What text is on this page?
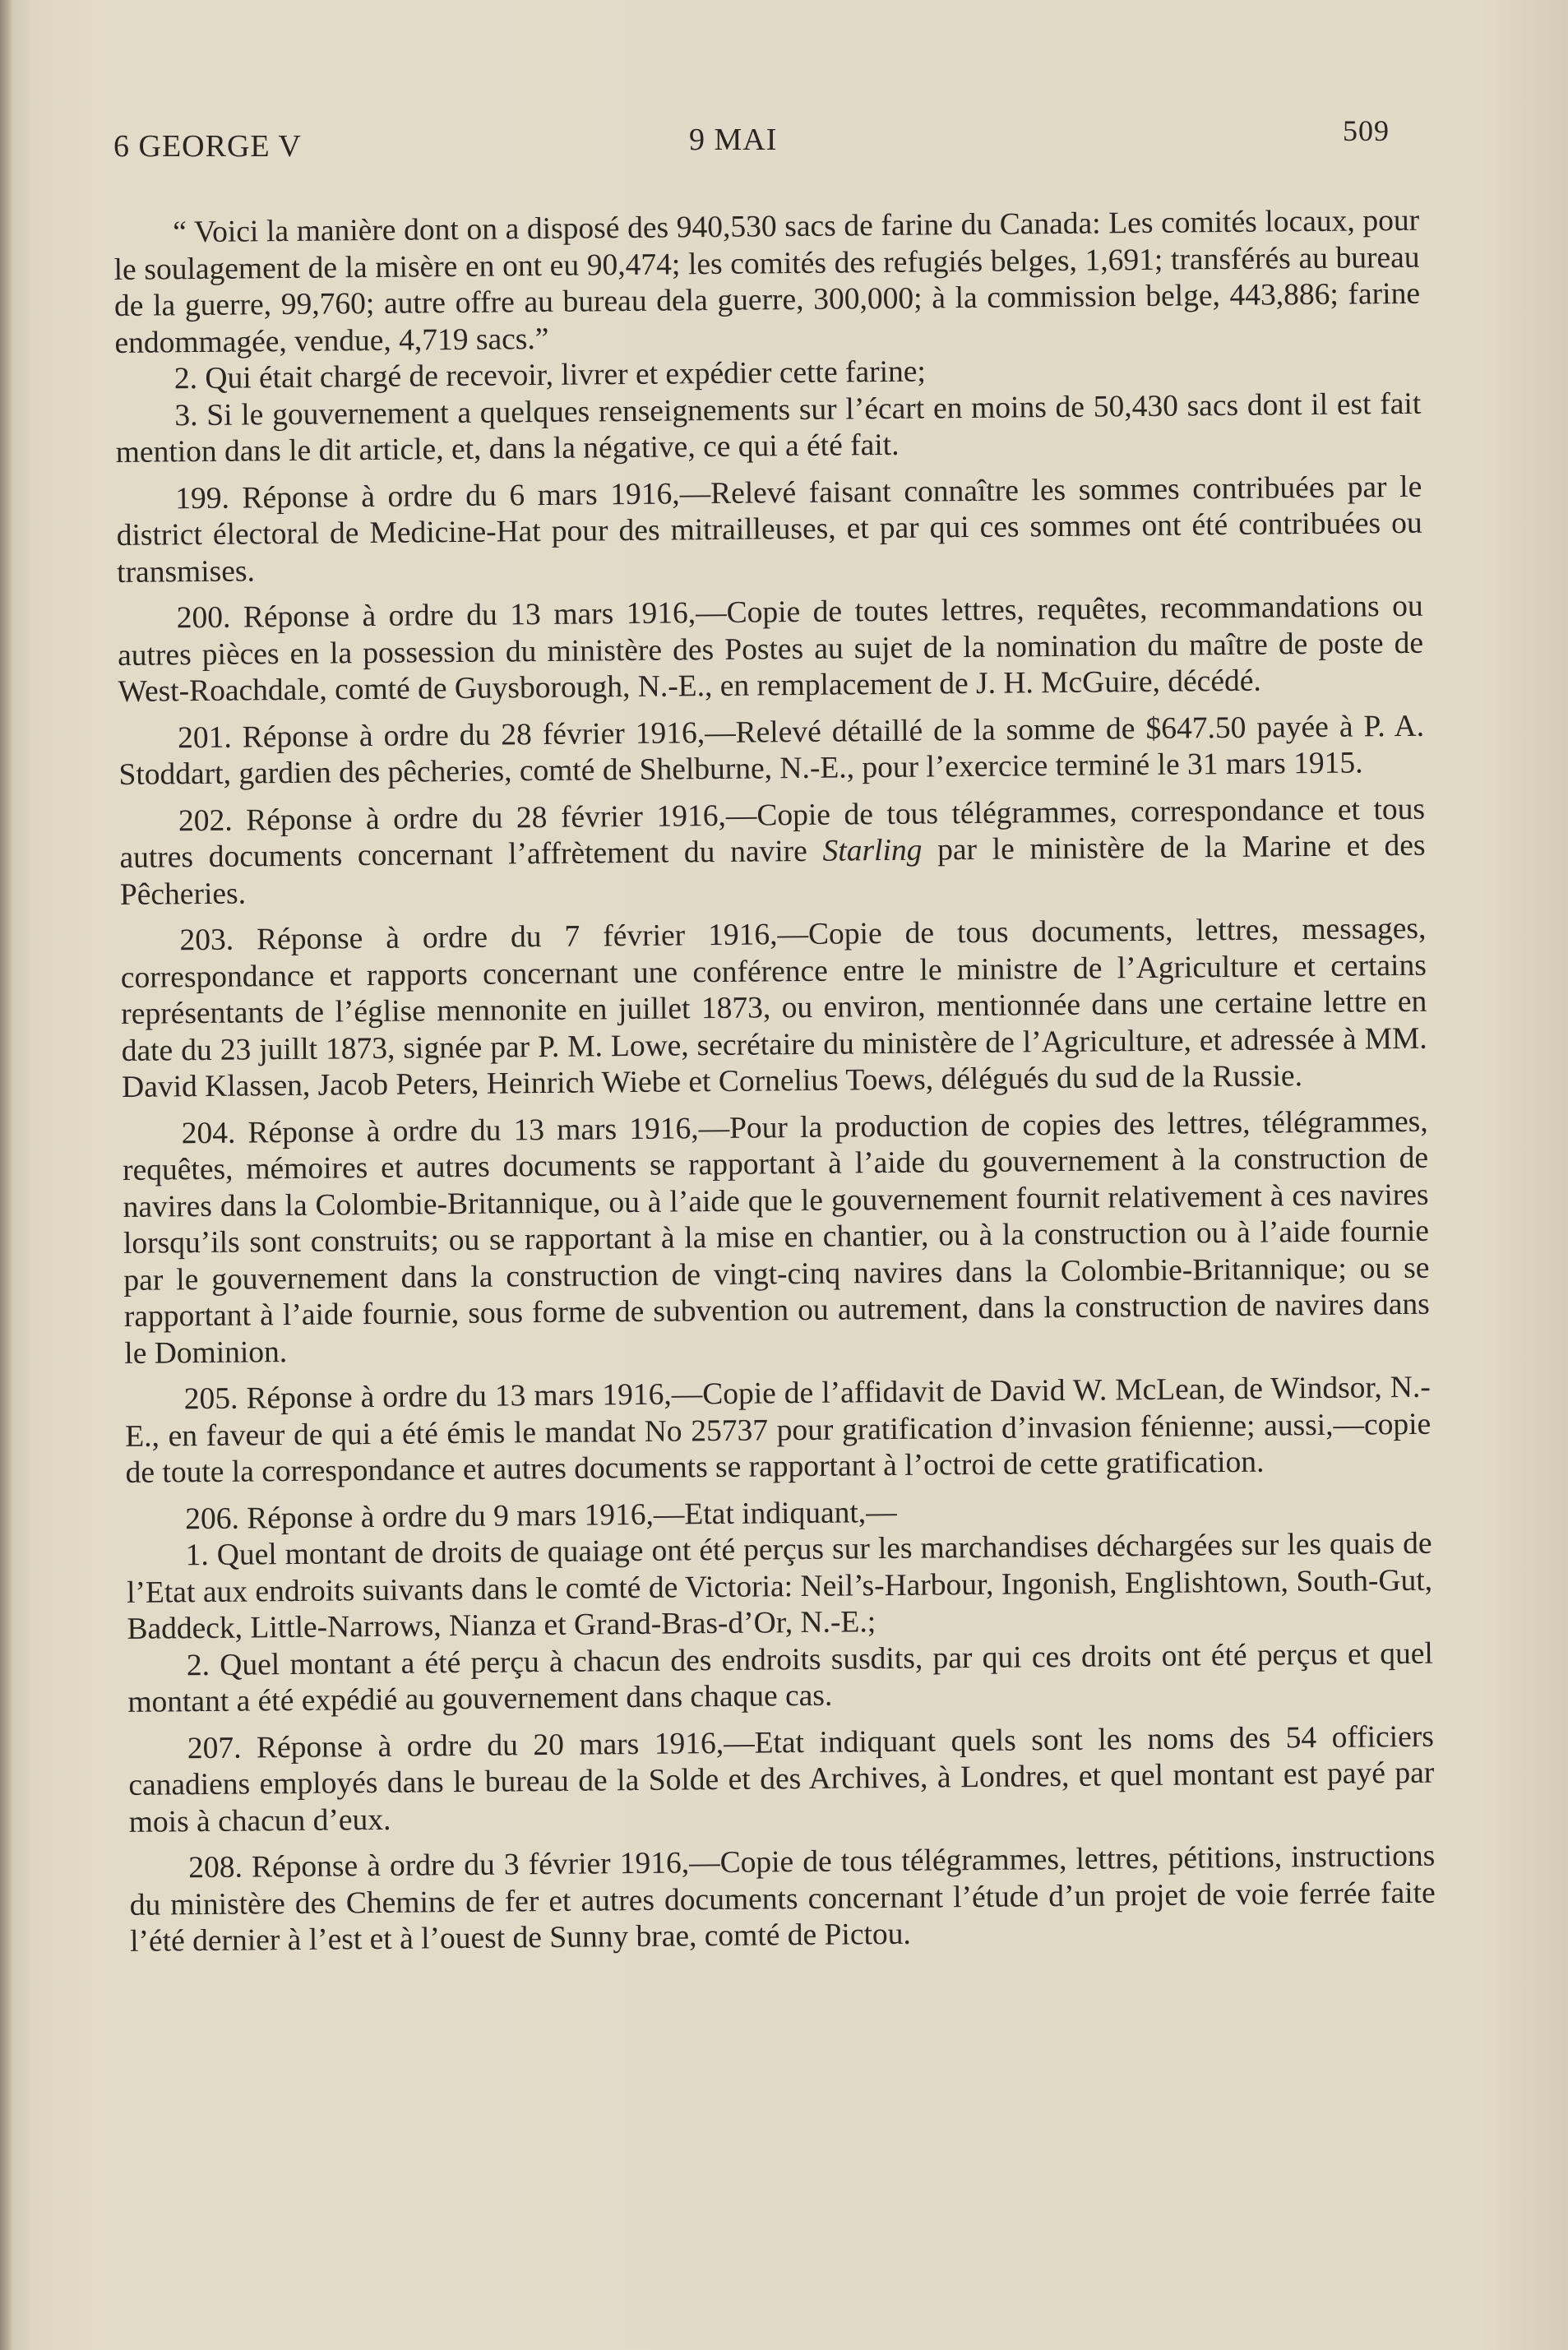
6 GEORGE V	9 MAI	509

“ Voici la manière dont on a disposé des 940,530 sacs de farine du Canada: Les comités locaux, pour le soulagement de la misère en ont eu 90,474; les comités des refugiés belges, 1,691; transférés au bureau de la guerre, 99,760; autre offre au bureau dela guerre, 300,000; à la commission belge, 443,886; farine endommagée, vendue, 4,719 sacs.”

2. Qui était chargé de recevoir, livrer et expédier cette farine;

3. Si le gouvernement a quelques renseignements sur l’écart en moins de 50,430 sacs dont il est fait mention dans le dit article, et, dans la négative, ce qui a été fait.

199. Réponse à ordre du 6 mars 1916,—Relevé faisant connaître les sommes contribuées par le district électoral de Medicine-Hat pour des mitrailleuses, et par qui ces sommes ont été contribuées ou transmises.

200. Réponse à ordre du 13 mars 1916,—Copie de toutes lettres, requêtes, recommandations ou autres pièces en la possession du ministère des Postes au sujet de la nomination du maître de poste de West-Roachdale, comté de Guysborough, N.-E., en remplacement de J. H. McGuire, décédé.

201. Réponse à ordre du 28 février 1916,—Relevé détaillé de la somme de $647.50 payée à P. A. Stoddart, gardien des pêcheries, comté de Shelburne, N.-E., pour l’exercice terminé le 31 mars 1915.

202. Réponse à ordre du 28 février 1916,—Copie de tous télégrammes, correspondance et tous autres documents concernant l’affrètement du navire Starling par le ministère de la Marine et des Pêcheries.

203. Réponse à ordre du 7 février 1916,—Copie de tous documents, lettres, messages, correspondance et rapports concernant une conférence entre le ministre de l’Agriculture et certains représentants de l’église mennonite en juillet 1873, ou environ, mentionnée dans une certaine lettre en date du 23 juillt 1873, signée par P. M. Lowe, secrétaire du ministère de l’Agriculture, et adressée à MM. David Klassen, Jacob Peters, Heinrich Wiebe et Cornelius Toews, délégués du sud de la Russie.

204. Réponse à ordre du 13 mars 1916,—Pour la production de copies des lettres, télégrammes, requêtes, mémoires et autres documents se rapportant à l’aide du gouvernement à la construction de navires dans la Colombie-Britannique, ou à l’aide que le gouvernement fournit relativement à ces navires lorsqu’ils sont construits; ou se rapportant à la mise en chantier, ou à la construction ou à l’aide fournie par le gouvernement dans la construction de vingt-cinq navires dans la Colombie-Britannique; ou se rapportant à l’aide fournie, sous forme de subvention ou autrement, dans la construction de navires dans le Dominion.

205. Réponse à ordre du 13 mars 1916,—Copie de l’affidavit de David W. McLean, de Windsor, N.-E., en faveur de qui a été émis le mandat No 25737 pour gratification d’invasion fénienne; aussi,—copie de toute la correspondance et autres documents se rapportant à l’octroi de cette gratification.

206. Réponse à ordre du 9 mars 1916,—Etat indiquant,—

1. Quel montant de droits de quaiage ont été perçus sur les marchandises déchargées sur les quais de l’Etat aux endroits suivants dans le comté de Victoria: Neil’s-Harbour, Ingonish, Englishtown, South-Gut, Baddeck, Little-Narrows, Nianza et Grand-Bras-d’Or, N.-E.;

2. Quel montant a été perçu à chacun des endroits susdits, par qui ces droits ont été perçus et quel montant a été expédié au gouvernement dans chaque cas.

207. Réponse à ordre du 20 mars 1916,—Etat indiquant quels sont les noms des 54 officiers canadiens employés dans le bureau de la Solde et des Archives, à Londres, et quel montant est payé par mois à chacun d’eux.

208. Réponse à ordre du 3 février 1916,—Copie de tous télégrammes, lettres, pétitions, instructions du ministère des Chemins de fer et autres documents concernant l’étude d’un projet de voie ferrée faite l’été dernier à l’est et à l’ouest de Sunny brae, comté de Pictou.
